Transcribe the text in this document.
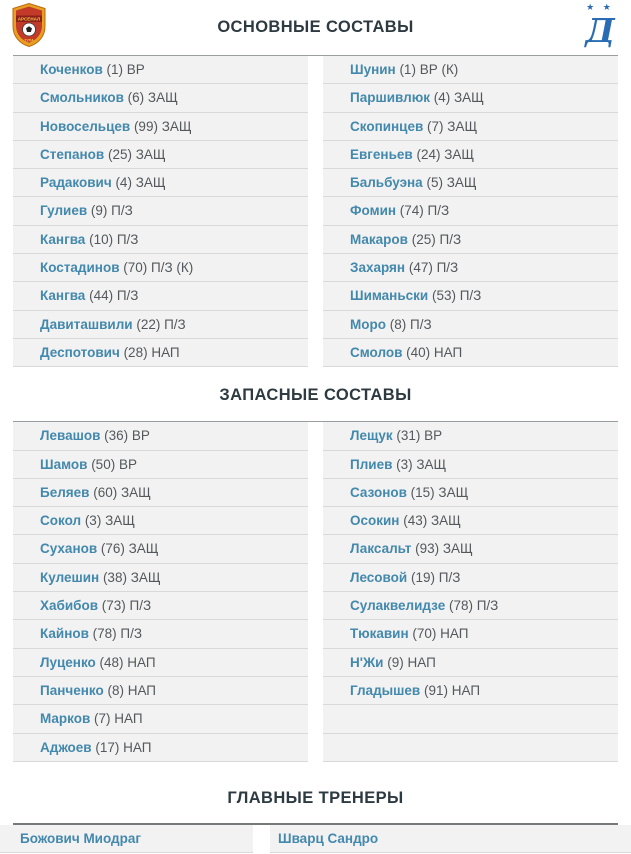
АРСЕНАЛ
ТУЛА
ОСНОВНЫЕ СОСТАВЫ
★ ★
Д
Коченков (1) ВР
Смольников (6) ЗАЩ
Новосельцев (99) ЗАЩ
Степанов (25) ЗАЩ
Радакович (4) ЗАЩ
Гулиев (9) П/З
Кангва (10) П/З
Костадинов (70) П/З (К)
Кангва (44) П/З
Давиташвили (22) П/З
Деспотович (28) НАП
Шунин (1) ВР (К)
Паршивлюк (4) ЗАЩ
Скопинцев (7) ЗАЩ
Евгеньев (24) ЗАЩ
Бальбуэна (5) ЗАЩ
Фомин (74) П/З
Макаров (25) П/З
Захарян (47) П/З
Шиманьски (53) П/З
Моро (8) П/З
Смолов (40) НАП
ЗАПАСНЫЕ СОСТАВЫ
Левашов (36) ВР
Шамов (50) ВР
Беляев (60) ЗАЩ
Сокол (3) ЗАЩ
Суханов (76) ЗАЩ
Кулешин (38) ЗАЩ
Хабибов (73) П/З
Кайнов (78) П/З
Луценко (48) НАП
Панченко (8) НАП
Марков (7) НАП
Аджоев (17) НАП
Лещук (31) ВР
Плиев (3) ЗАЩ
Сазонов (15) ЗАЩ
Осокин (43) ЗАЩ
Лаксальт (93) ЗАЩ
Лесовой (19) П/З
Сулаквелидзе (78) П/З
Тюкавин (70) НАП
Н'Жи (9) НАП
Гладышев (91) НАП
ГЛАВНЫЕ ТРЕНЕРЫ
Божович Миодраг	Шварц Сандро
